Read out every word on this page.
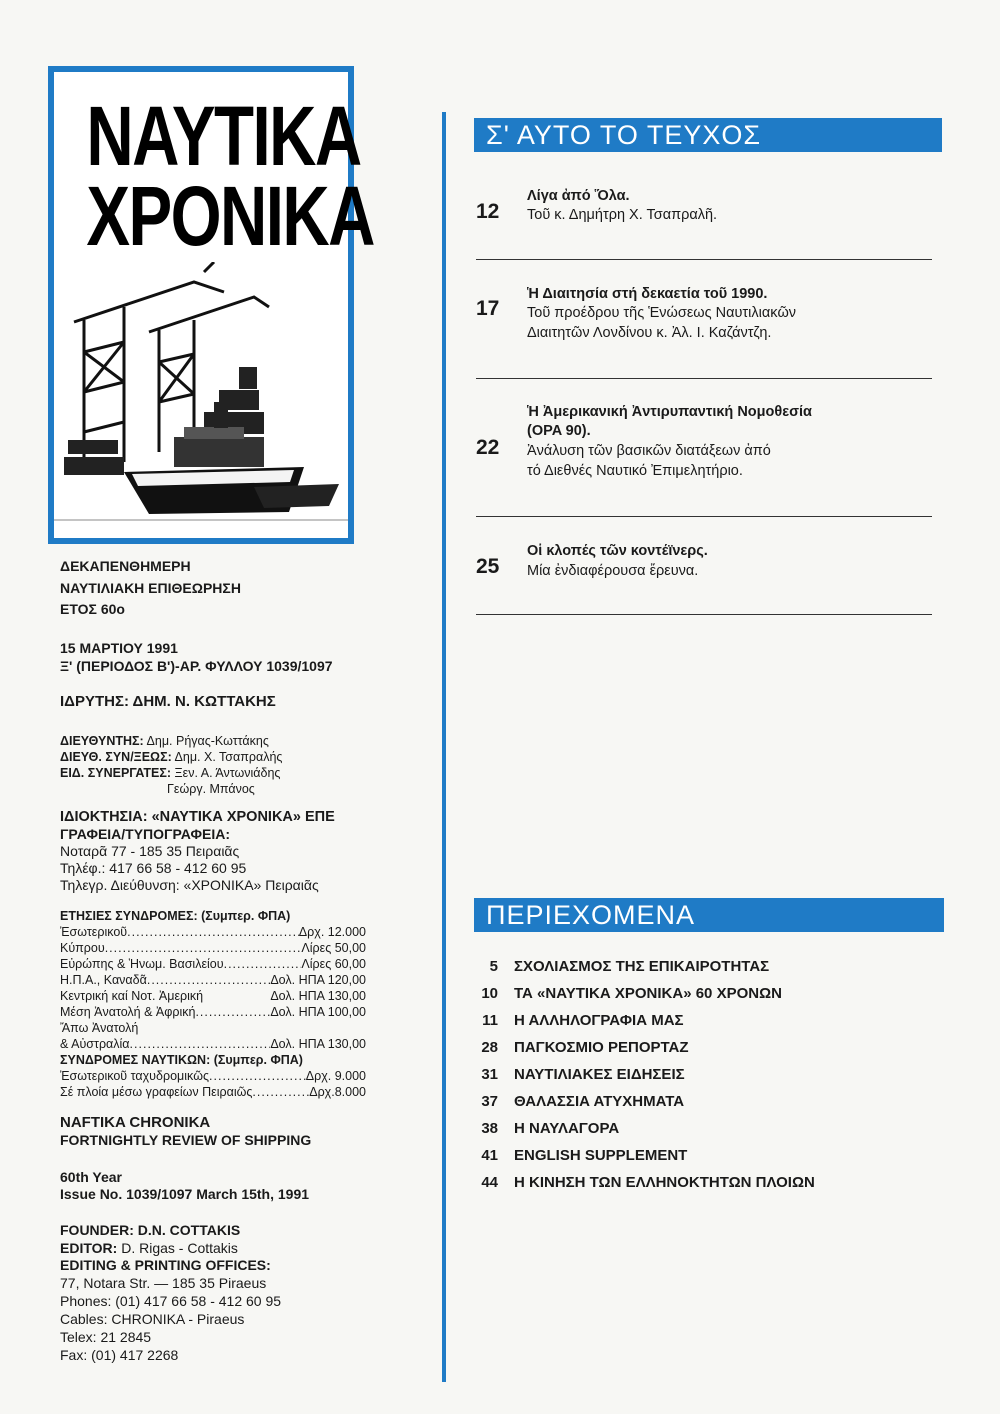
ΝΑΥΤΙΚΑ
ΧΡΟΝΙΚΑ
ΔΕΚΑΠΕΝΘΗΜΕΡΗ
ΝΑΥΤΙΛΙΑΚΗ ΕΠΙΘΕΩΡΗΣΗ
ΕΤΟΣ 60ο
15 ΜΑΡΤΙΟΥ 1991
Ξ' (ΠΕΡΙΟΔΟΣ Β')-ΑΡ. ΦΥΛΛΟΥ 1039/1097
ΙΔΡΥΤΗΣ: ΔΗΜ. Ν. ΚΩΤΤΑΚΗΣ
ΔΙΕΥΘΥΝΤΗΣ: Δημ. Ρήγας-Κωττάκης
ΔΙΕΥΘ. ΣΥΝ/ΞΕΩΣ: Δημ. Χ. Τσαπραλής
ΕΙΔ. ΣΥΝΕΡΓΑΤΕΣ: Ξεν. Α. Άντωνιάδης
Γεώργ. Μπάνος
ΙΔΙΟΚΤΗΣΙΑ: «ΝΑΥΤΙΚΑ ΧΡΟΝΙΚΑ» ΕΠΕ
ΓΡΑΦΕΙΑ/ΤΥΠΟΓΡΑΦΕΙΑ:
Νοταρᾶ 77 - 185 35 Πειραιᾶς
Τηλέφ.: 417 66 58 - 412 60 95
Τηλεγρ. Διεύθυνση: «ΧΡΟΝΙΚΑ» Πειραιᾶς
ΕΤΗΣΙΕΣ ΣΥΝΔΡΟΜΕΣ: (Συμπερ. ΦΠΑ)
Ἐσωτερικοῦ .....	Δρχ. 12.000
Κύπρου .....	Λίρες 50,00
Εὐρώπης & Ἡνωμ. Βασιλείου .....	Λίρες 60,00
Η.Π.Α., Καναδᾶ .....	Δολ. ΗΠΑ 120,00
Κεντρική καί Νοτ. Ἀμερική	Δολ. ΗΠΑ 130,00
Μέση Ἀνατολή & Ἀφρική .....	Δολ. ΗΠΑ 100,00
Ἄπω Ἀνατολή
& Αὐστραλία .....	Δολ. ΗΠΑ 130,00
ΣΥΝΔΡΟΜΕΣ ΝΑΥΤΙΚΩΝ: (Συμπερ. ΦΠΑ)
Ἐσωτερικοῦ ταχυδρομικῶς .....	Δρχ. 9.000
Σέ πλοία μέσω γραφείων Πειραιῶς .....	Δρχ.8.000
NAFTIKA CHRONIKA
FORTNIGHTLY REVIEW OF SHIPPING
60th Year
Issue No. 1039/1097 March 15th, 1991
FOUNDER: D.N. COTTAKIS
EDITOR: D. Rigas - Cottakis
EDITING & PRINTING OFFICES:
77, Notara Str. — 185 35 Piraeus
Phones: (01) 417 66 58 - 412 60 95
Cables: CHRONIKA - Piraeus
Telex: 21 2845
Fax: (01) 417 2268
Σ' ΑΥΤΟ ΤΟ ΤΕΥΧΟΣ
Λίγα ἀπό Ὅλα.
12	Τοῦ κ. Δημήτρη Χ. Τσαπραλῆ.
Ἡ Διαιτησία στή δεκαετία τοῦ 1990.
17	Τοῦ προέδρου τῆς Ἑνώσεως Ναυτιλιακῶν
Διαιτητῶν Λονδίνου κ. Ἀλ. Ι. Καζάντζη.
Ἡ Ἀμερικανική Ἀντιρυπαντική Νομοθεσία
(OPA 90).
22	Ἀνάλυση τῶν βασικῶν διατάξεων ἀπό
τό Διεθνές Ναυτικό Ἐπιμελητήριο.
Οἱ κλοπές τῶν κοντέϊνερς.
25	Μία ἐνδιαφέρουσα ἔρευνα.
ΠΕΡΙΕΧΟΜΕΝΑ
5 ΣΧΟΛΙΑΣΜΟΣ ΤΗΣ ΕΠΙΚΑΙΡΟΤΗΤΑΣ
10 ΤΑ «ΝΑΥΤΙΚΑ ΧΡΟΝΙΚΑ» 60 ΧΡΟΝΩΝ
11 Η ΑΛΛΗΛΟΓΡΑΦΙΑ ΜΑΣ
28 ΠΑΓΚΟΣΜΙΟ ΡΕΠΟΡΤΑΖ
31 ΝΑΥΤΙΛΙΑΚΕΣ ΕΙΔΗΣΕΙΣ
37 ΘΑΛΑΣΣΙΑ ΑΤΥΧΗΜΑΤΑ
38 Η ΝΑΥΛΑΓΟΡΑ
41 ENGLISH SUPPLEMENT
44 Η ΚΙΝΗΣΗ ΤΩΝ ΕΛΛΗΝΟΚΤΗΤΩΝ ΠΛΟΙΩΝ
